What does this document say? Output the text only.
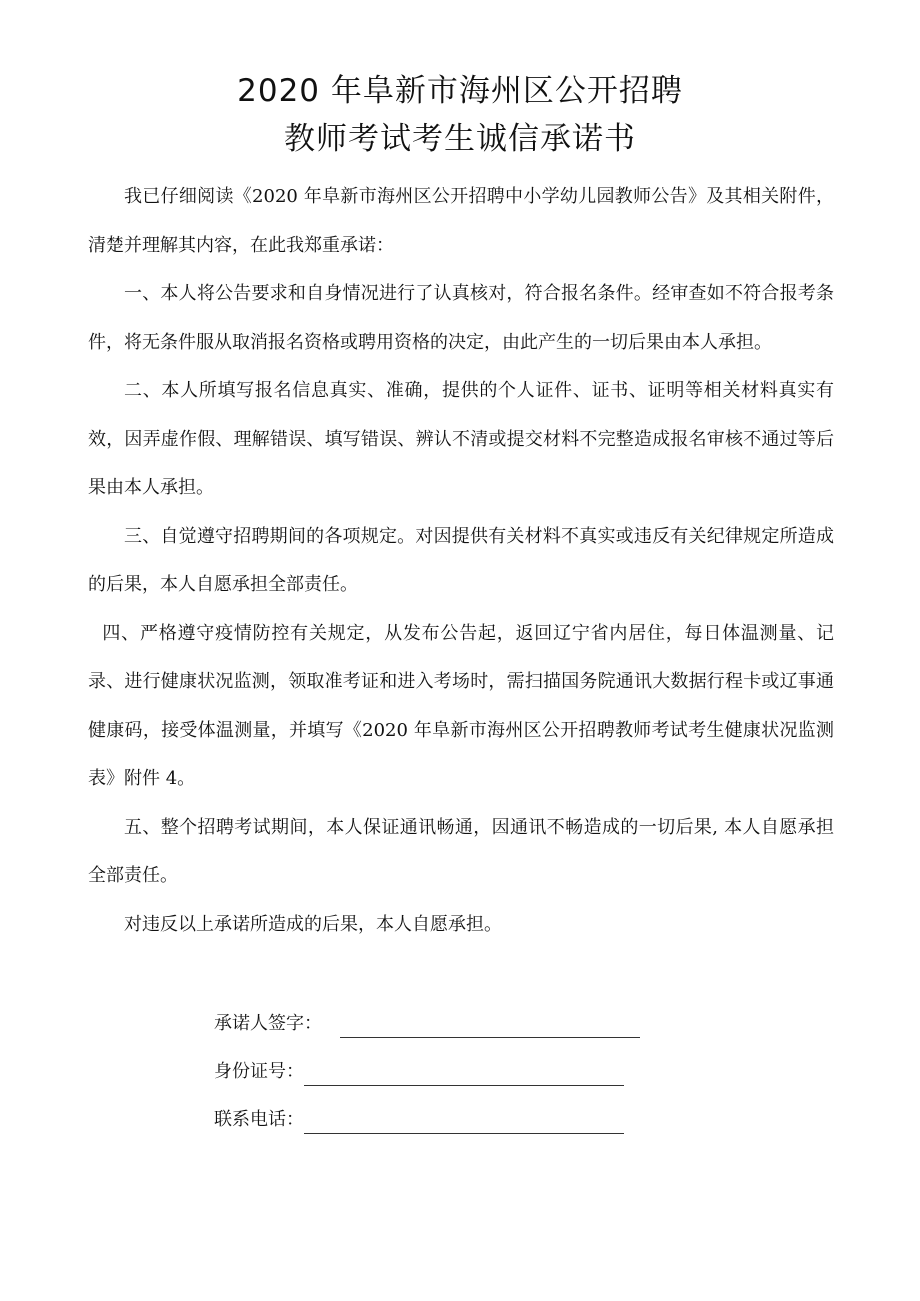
2020 年阜新市海州区公开招聘
教师考试考生诚信承诺书

我已仔细阅读《2020 年阜新市海州区公开招聘中小学幼儿园教师公告》及其相关附件，清楚并理解其内容，在此我郑重承诺：

一、本人将公告要求和自身情况进行了认真核对，符合报名条件。经审查如不符合报考条件，将无条件服从取消报名资格或聘用资格的决定，由此产生的一切后果由本人承担。

二、本人所填写报名信息真实、准确，提供的个人证件、证书、证明等相关材料真实有效，因弄虚作假、理解错误、填写错误、辨认不清或提交材料不完整造成报名审核不通过等后果由本人承担。

三、自觉遵守招聘期间的各项规定。对因提供有关材料不真实或违反有关纪律规定所造成的后果，本人自愿承担全部责任。

四、严格遵守疫情防控有关规定，从发布公告起，返回辽宁省内居住，每日体温测量、记录、进行健康状况监测，领取准考证和进入考场时，需扫描国务院通讯大数据行程卡或辽事通健康码，接受体温测量，并填写《2020 年阜新市海州区公开招聘教师考试考生健康状况监测表》附件 4。

五、整个招聘考试期间，本人保证通讯畅通，因通讯不畅造成的一切后果, 本人自愿承担全部责任。

对违反以上承诺所造成的后果，本人自愿承担。

承诺人签字：
身份证号：
联系电话：
